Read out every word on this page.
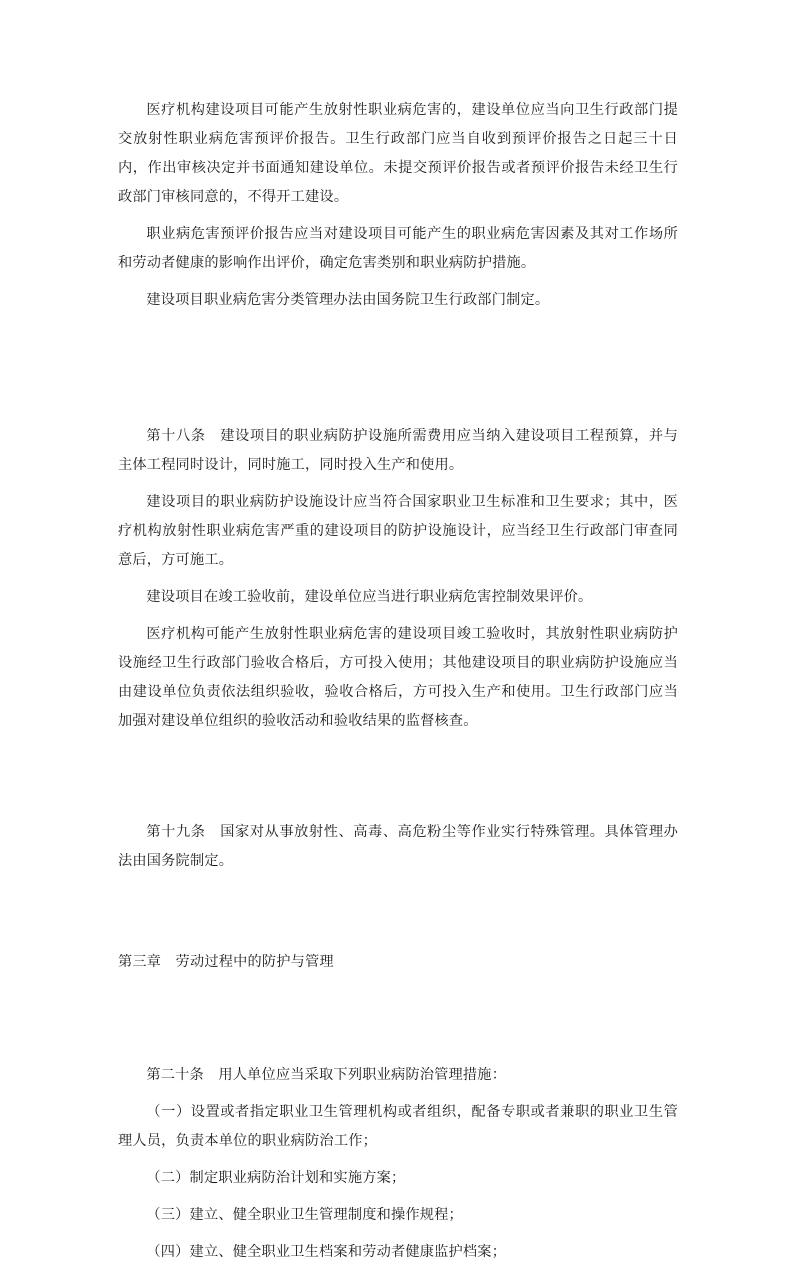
医疗机构建设项目可能产生放射性职业病危害的，建设单位应当向卫生行政部门提交放射性职业病危害预评价报告。卫生行政部门应当自收到预评价报告之日起三十日内，作出审核决定并书面通知建设单位。未提交预评价报告或者预评价报告未经卫生行政部门审核同意的，不得开工建设。

职业病危害预评价报告应当对建设项目可能产生的职业病危害因素及其对工作场所和劳动者健康的影响作出评价，确定危害类别和职业病防护措施。

建设项目职业病危害分类管理办法由国务院卫生行政部门制定。

第十八条　建设项目的职业病防护设施所需费用应当纳入建设项目工程预算，并与主体工程同时设计，同时施工，同时投入生产和使用。

建设项目的职业病防护设施设计应当符合国家职业卫生标准和卫生要求；其中，医疗机构放射性职业病危害严重的建设项目的防护设施设计，应当经卫生行政部门审查同意后，方可施工。

建设项目在竣工验收前，建设单位应当进行职业病危害控制效果评价。

医疗机构可能产生放射性职业病危害的建设项目竣工验收时，其放射性职业病防护设施经卫生行政部门验收合格后，方可投入使用；其他建设项目的职业病防护设施应当由建设单位负责依法组织验收，验收合格后，方可投入生产和使用。卫生行政部门应当加强对建设单位组织的验收活动和验收结果的监督核查。

第十九条　国家对从事放射性、高毒、高危粉尘等作业实行特殊管理。具体管理办法由国务院制定。

第三章　劳动过程中的防护与管理

第二十条　用人单位应当采取下列职业病防治管理措施：

（一）设置或者指定职业卫生管理机构或者组织，配备专职或者兼职的职业卫生管理人员，负责本单位的职业病防治工作；

（二）制定职业病防治计划和实施方案；

（三）建立、健全职业卫生管理制度和操作规程；

（四）建立、健全职业卫生档案和劳动者健康监护档案；
